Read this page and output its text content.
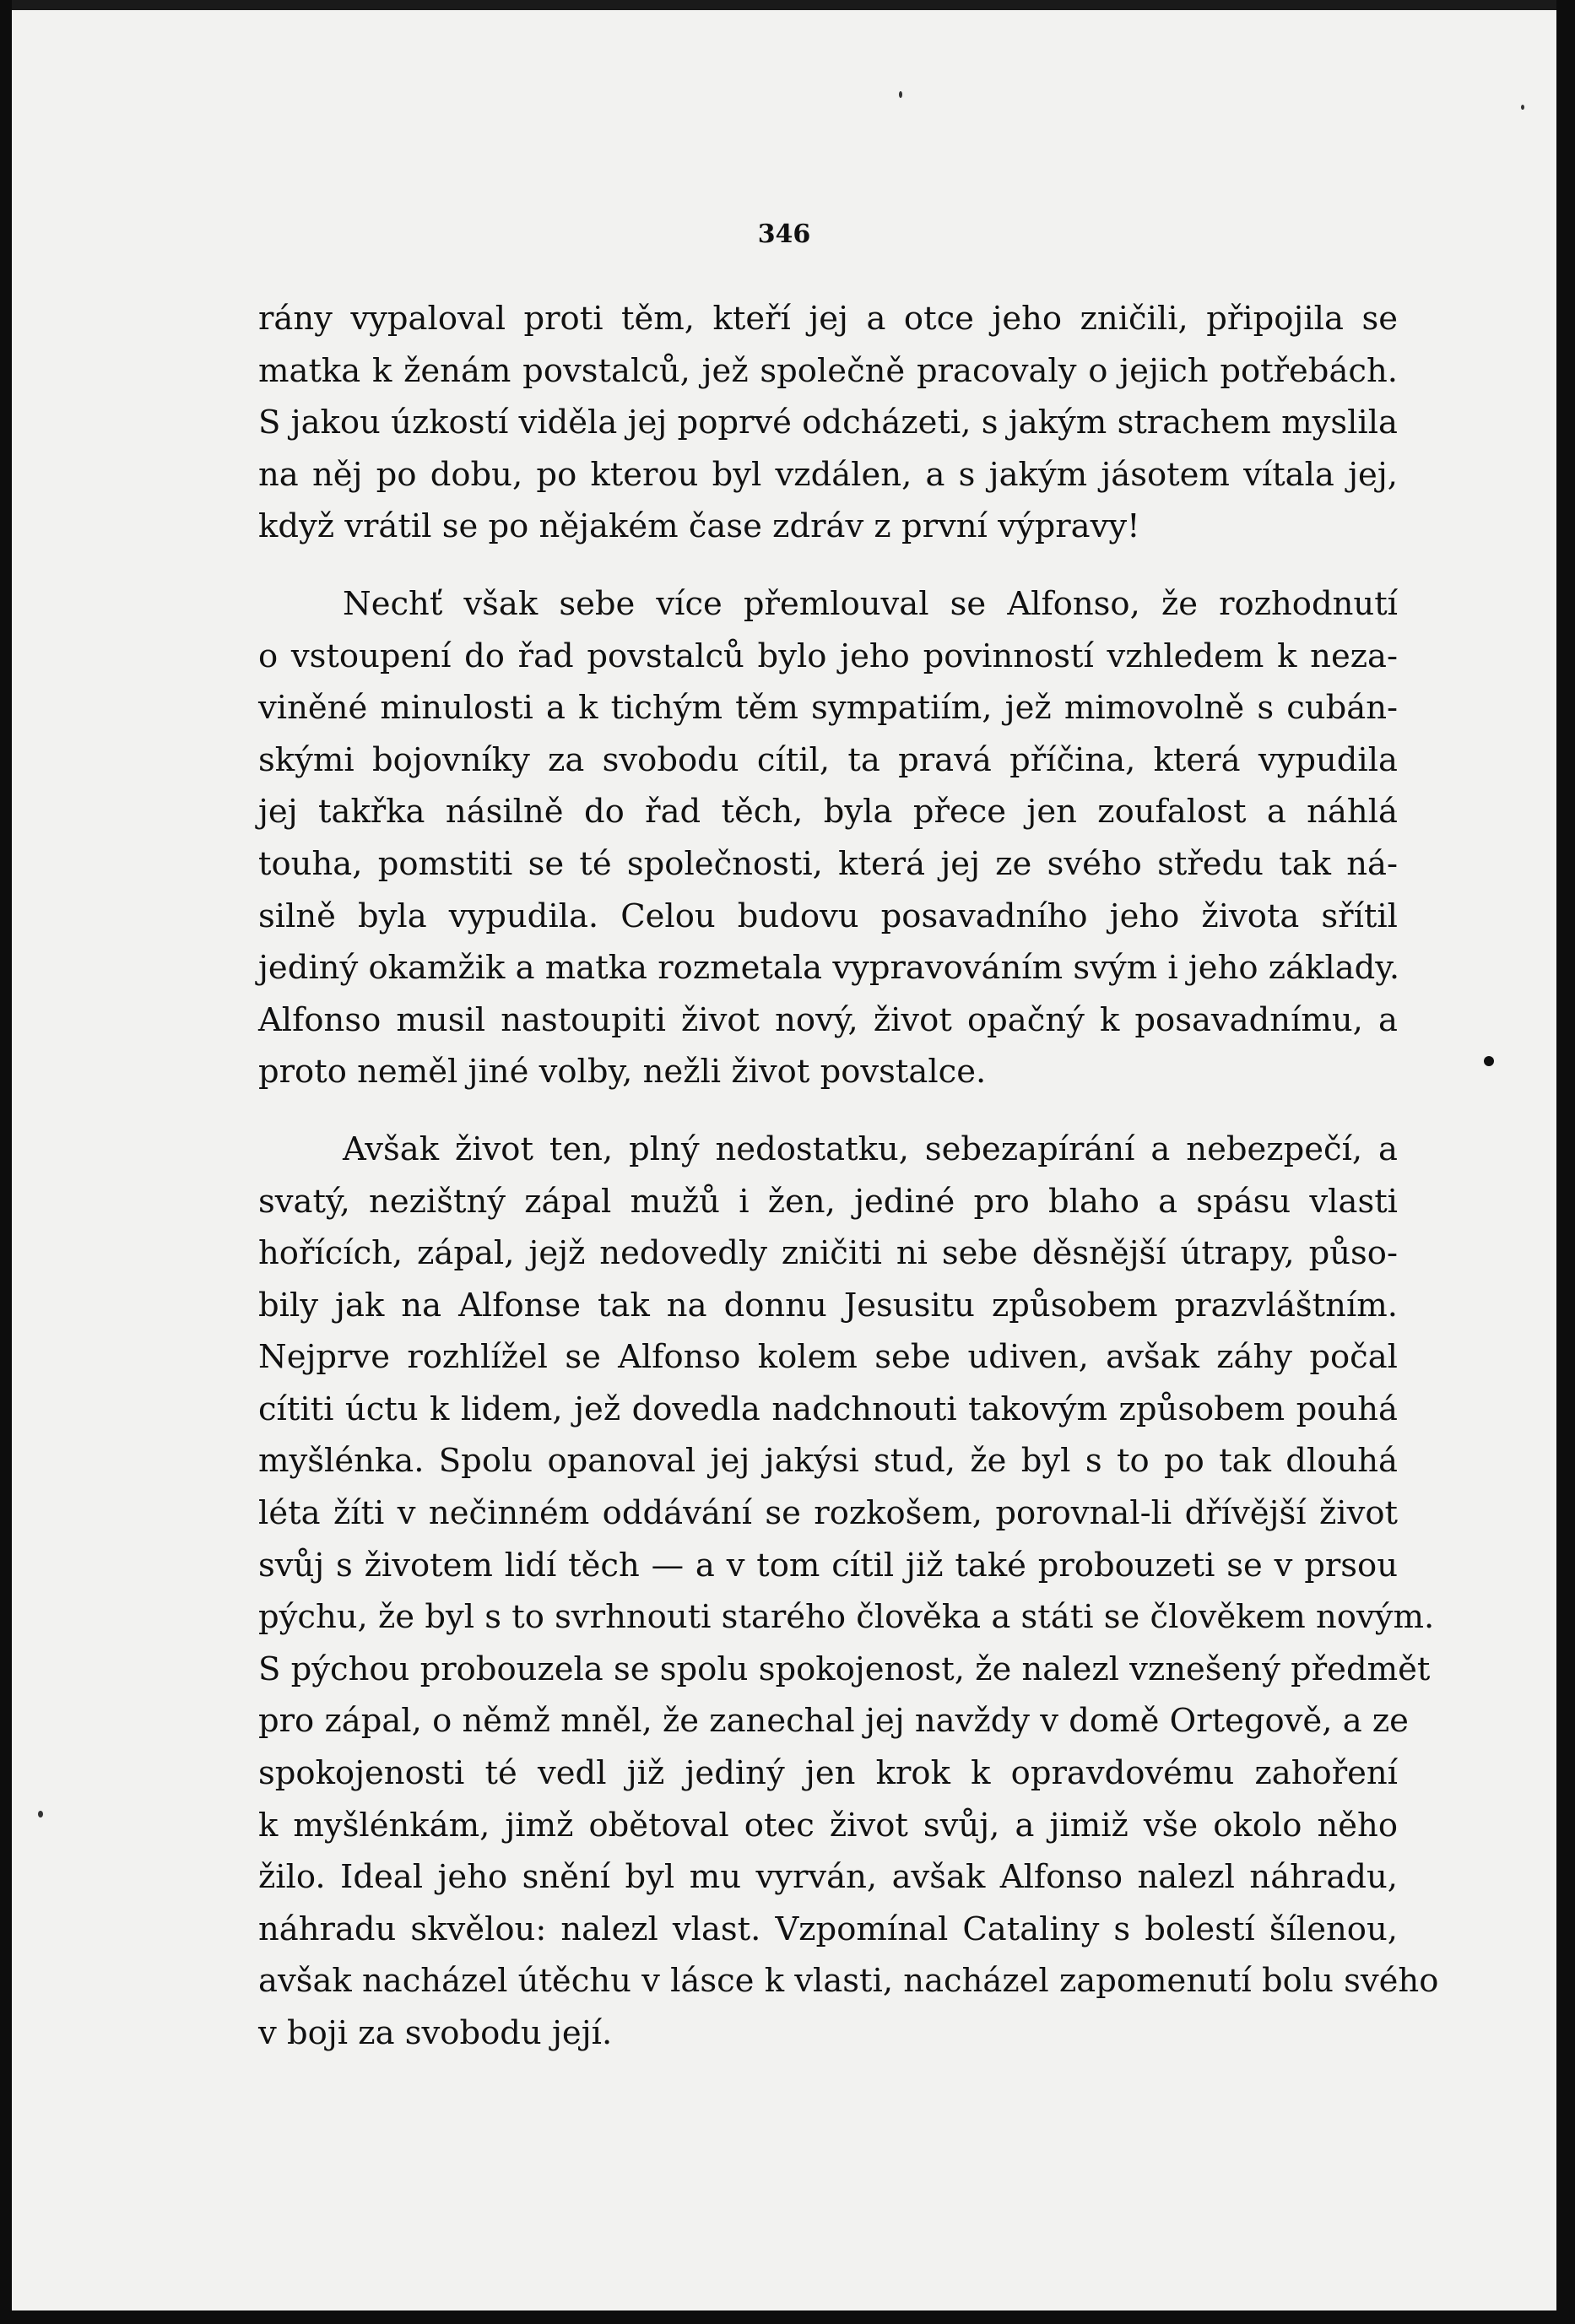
346
rány vypaloval proti těm, kteří jej a otce jeho zničili, připojila se
matka k ženám povstalců, jež společně pracovaly o jejich potřebách.
S jakou úzkostí viděla jej poprvé odcházeti, s jakým strachem myslila
na něj po dobu, po kterou byl vzdálen, a s jakým jásotem vítala jej,
když vrátil se po nějakém čase zdráv z první výpravy!
Nechť však sebe více přemlouval se Alfonso, že rozhodnutí
o vstoupení do řad povstalců bylo jeho povinností vzhledem k neza-
viněné minulosti a k tichým těm sympatiím, jež mimovolně s cubán-
skými bojovníky za svobodu cítil, ta pravá příčina, která vypudila
jej takřka násilně do řad těch, byla přece jen zoufalost a náhlá
touha, pomstiti se té společnosti, která jej ze svého středu tak ná-
silně byla vypudila. Celou budovu posavadního jeho života sřítil
jediný okamžik a matka rozmetala vypravováním svým i jeho základy.
Alfonso musil nastoupiti život nový, život opačný k posavadnímu, a
proto neměl jiné volby, nežli život povstalce.
Avšak život ten, plný nedostatku, sebezapírání a nebezpečí, a
svatý, nezištný zápal mužů i žen, jediné pro blaho a spásu vlasti
hořících, zápal, jejž nedovedly zničiti ni sebe děsnější útrapy, půso-
bily jak na Alfonse tak na donnu Jesusitu způsobem prazvláštním.
Nejprve rozhlížel se Alfonso kolem sebe udiven, avšak záhy počal
cítiti úctu k lidem, jež dovedla nadchnouti takovým způsobem pouhá
myšlénka. Spolu opanoval jej jakýsi stud, že byl s to po tak dlouhá
léta žíti v nečinném oddávání se rozkošem, porovnal-li dřívější život
svůj s životem lidí těch — a v tom cítil již také probouzeti se v prsou
pýchu, že byl s to svrhnouti starého člověka a státi se člověkem novým.
S pýchou probouzela se spolu spokojenost, že nalezl vznešený předmět
pro zápal, o němž mněl, že zanechal jej navždy v domě Ortegově, a ze
spokojenosti té vedl již jediný jen krok k opravdovému zahoření
k myšlénkám, jimž obětoval otec život svůj, a jimiž vše okolo něho
žilo. Ideal jeho snění byl mu vyrván, avšak Alfonso nalezl náhradu,
náhradu skvělou: nalezl vlast. Vzpomínal Cataliny s bolestí šílenou,
avšak nacházel útěchu v lásce k vlasti, nacházel zapomenutí bolu svého
v boji za svobodu její.
